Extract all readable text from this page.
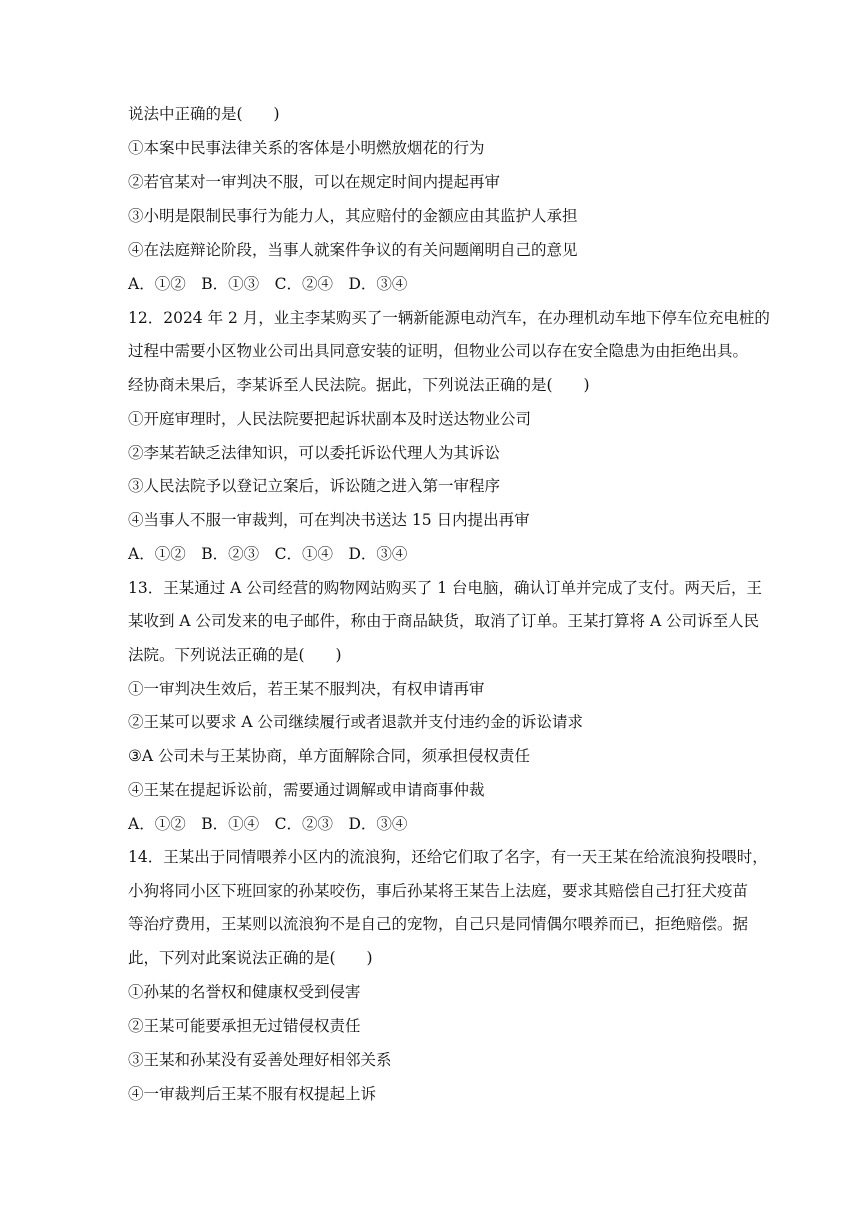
说法中正确的是(　　)
①本案中民事法律关系的客体是小明燃放烟花的行为
②若官某对一审判决不服，可以在规定时间内提起再审
③小明是限制民事行为能力人，其应赔付的金额应由其监护人承担
④在法庭辩论阶段，当事人就案件争议的有关问题阐明自己的意见
A．①②　B．①③　C．②④　D．③④
12．2024 年 2 月，业主李某购买了一辆新能源电动汽车，在办理机动车地下停车位充电桩的
过程中需要小区物业公司出具同意安装的证明，但物业公司以存在安全隐患为由拒绝出具。
经协商未果后，李某诉至人民法院。据此，下列说法正确的是(　　)
①开庭审理时，人民法院要把起诉状副本及时送达物业公司
②李某若缺乏法律知识，可以委托诉讼代理人为其诉讼
③人民法院予以登记立案后，诉讼随之进入第一审程序
④当事人不服一审裁判，可在判决书送达 15 日内提出再审
A．①②　B．②③　C．①④　D．③④
13．王某通过 A 公司经营的购物网站购买了 1 台电脑，确认订单并完成了支付。两天后，王
某收到 A 公司发来的电子邮件，称由于商品缺货，取消了订单。王某打算将 A 公司诉至人民
法院。下列说法正确的是(　　)
①一审判决生效后，若王某不服判决，有权申请再审
②王某可以要求 A 公司继续履行或者退款并支付违约金的诉讼请求
③A 公司未与王某协商，单方面解除合同，须承担侵权责任
④王某在提起诉讼前，需要通过调解或申请商事仲裁
A．①②　B．①④　C．②③　D．③④
14．王某出于同情喂养小区内的流浪狗，还给它们取了名字，有一天王某在给流浪狗投喂时，
小狗将同小区下班回家的孙某咬伤，事后孙某将王某告上法庭，要求其赔偿自己打狂犬疫苗
等治疗费用，王某则以流浪狗不是自己的宠物，自己只是同情偶尔喂养而已，拒绝赔偿。据
此，下列对此案说法正确的是(　　)
①孙某的名誉权和健康权受到侵害
②王某可能要承担无过错侵权责任
③王某和孙某没有妥善处理好相邻关系
④一审裁判后王某不服有权提起上诉
